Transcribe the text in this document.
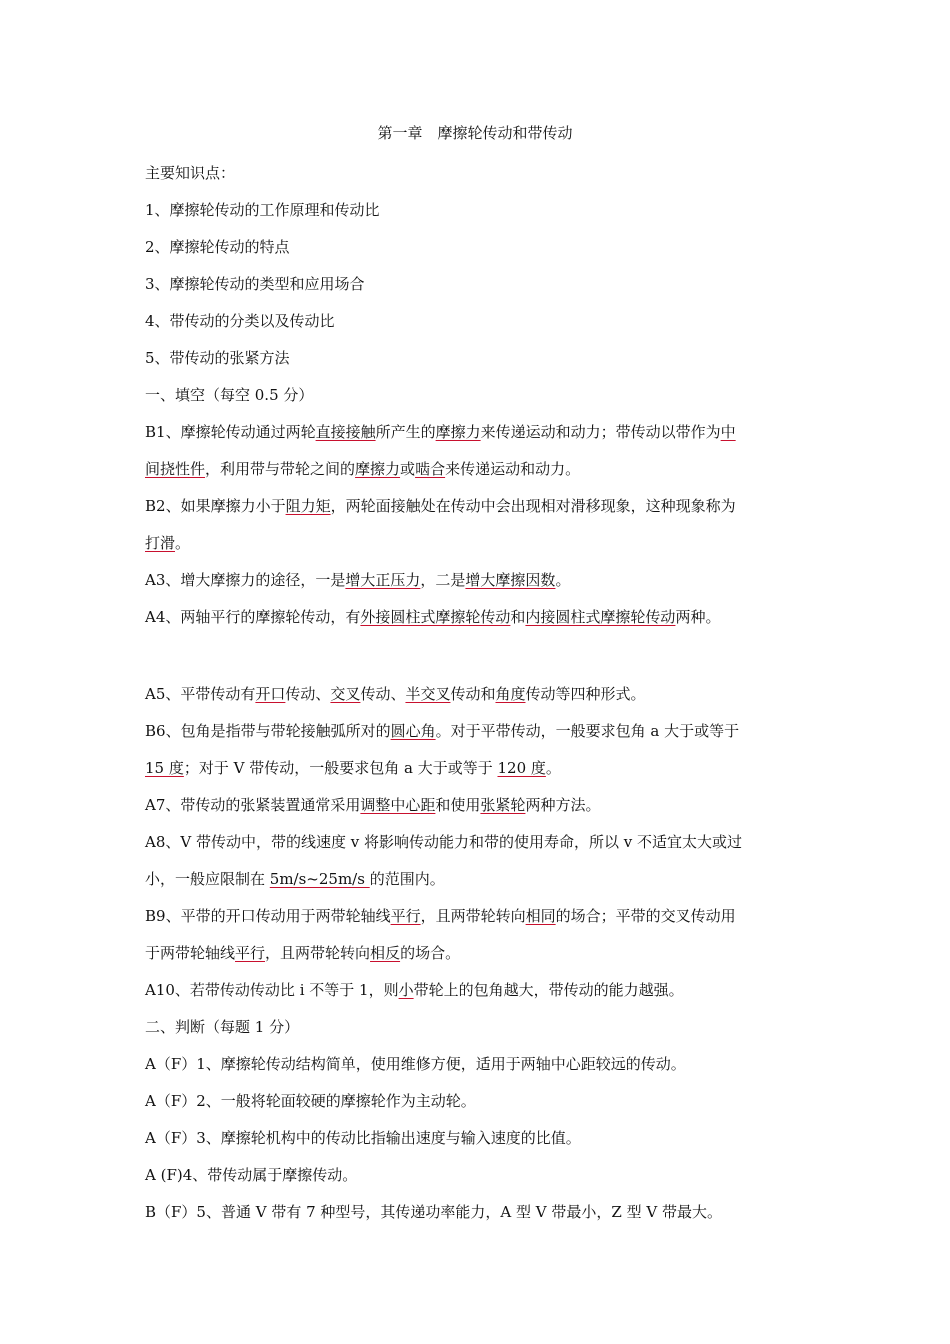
第一章　摩擦轮传动和带传动
主要知识点：
1、摩擦轮传动的工作原理和传动比
2、摩擦轮传动的特点
3、摩擦轮传动的类型和应用场合
4、带传动的分类以及传动比
5、带传动的张紧方法
一、填空（每空 0.5 分）
B1、摩擦轮传动通过两轮直接接触所产生的摩擦力来传递运动和动力；带传动以带作为中
间挠性件，利用带与带轮之间的摩擦力或啮合来传递运动和动力。
B2、如果摩擦力小于阻力矩，两轮面接触处在传动中会出现相对滑移现象，这种现象称为
打滑。
A3、增大摩擦力的途径，一是增大正压力，二是增大摩擦因数。
A4、两轴平行的摩擦轮传动，有外接圆柱式摩擦轮传动和内接圆柱式摩擦轮传动两种。
A5、平带传动有开口传动、交叉传动、半交叉传动和角度传动等四种形式。
B6、包角是指带与带轮接触弧所对的圆心角。对于平带传动，一般要求包角 a 大于或等于
15 度；对于 V 带传动，一般要求包角 a 大于或等于 120 度。
A7、带传动的张紧装置通常采用调整中心距和使用张紧轮两种方法。
A8、V 带传动中，带的线速度 v 将影响传动能力和带的使用寿命，所以 v 不适宜太大或过
小，一般应限制在 5m/s~25m/s 的范围内。
B9、平带的开口传动用于两带轮轴线平行，且两带轮转向相同的场合；平带的交叉传动用
于两带轮轴线平行，且两带轮转向相反的场合。
A10、若带传动传动比 i 不等于 1，则小带轮上的包角越大，带传动的能力越强。
二、判断（每题 1 分）
A（F）1、摩擦轮传动结构简单，使用维修方便，适用于两轴中心距较远的传动。
A（F）2、一般将轮面较硬的摩擦轮作为主动轮。
A（F）3、摩擦轮机构中的传动比指输出速度与输入速度的比值。
A (F)4、带传动属于摩擦传动。
B（F）5、普通 V 带有 7 种型号，其传递功率能力，A 型 V 带最小，Z 型 V 带最大。
